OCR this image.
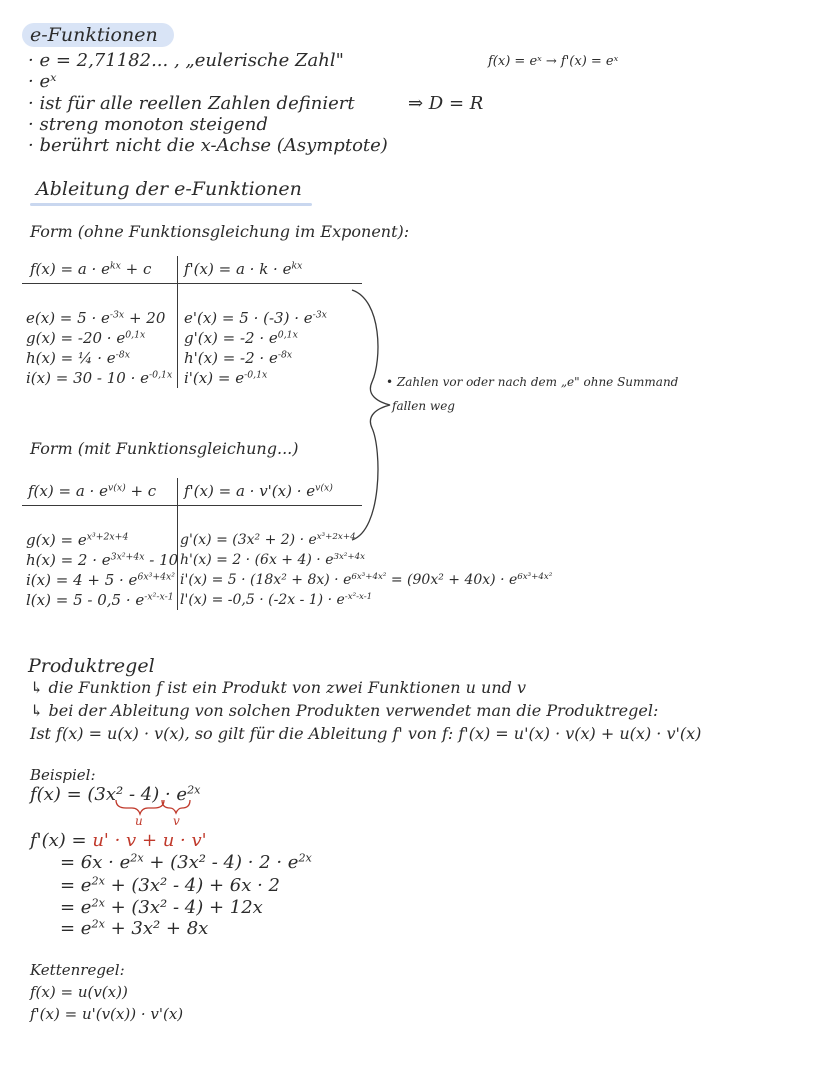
e-Funktionen
· e = 2,71182... , „eulerische Zahl"
· eˣ
· ist für alle reellen Zahlen definiert	⇒ D = R
· streng monoton steigend
· berührt nicht die x-Achse (Asymptote)
f(x) = eˣ → f'(x) = eˣ
Ableitung der e-Funktionen
Form (ohne Funktionsgleichung im Exponent):
$f(x) = a \cdot e^{kx} + c$ $f'(x) = a \cdot k \cdot e^{kx}$
$e(x) = 5 \cdot e^{-3x} + 20$
$g(x) = -20 \cdot e^{0,1x}$
h(x) = ¼ · $e^{-8x}$
$i(x) = 30 - 10 \cdot e^{-0,1x}$
$e'(x) = 5 \cdot (-3) \cdot e^{-3x}$
$g'(x) = -2 \cdot e^{0,1x}$
$h'(x) = -2 \cdot e^{-8x}$
$i'(x) = e^{-0,1x}$
• Zahlen vor oder nach dem „e" ohne Summand
fallen weg
Form (mit Funktionsgleichung...)
$f(x) = a \cdot e^{v(x)} + c$ $f'(x) = a \cdot v'(x) \cdot e^{v(x)}$
$g(x) = e^{x^3+2x+4}$
$h(x) = 2 \cdot e^{3x^2+4x} - 10$
$i(x) = 4 + 5 \cdot e^{6x^3+4x^2}$
$l(x) = 5 - 0,5 \cdot e^{-x^2-x-1}$
$g'(x) = (3x^2 + 2) \cdot e^{x^3+2x+4}$
$h'(x) = 2 \cdot (6x + 4) \cdot e^{3x^2+4x}$
$i'(x) = 5 \cdot (18x^2 + 8x) \cdot e^{6x^3+4x^2} = (90x^2 + 40x) \cdot e^{6x^3+4x^2}$
$l'(x) = -0,5 \cdot (-2x - 1) \cdot e^{-x^2-x-1}$
Produktregel
↳ die Funktion f ist ein Produkt von zwei Funktionen u und v
↳ bei der Ableitung von solchen Produkten verwendet man die Produktregel:
Ist f(x) = u(x) · v(x), so gilt für die Ableitung f' von f: f'(x) = u'(x) · v(x) + u(x) · v'(x)
Beispiel:
$f(x) = (3x^2 - 4) \cdot e^{2x}$
u	v
f'(x) = u' · v + u · v'
= $6x \cdot e^{2x} + (3x^2 - 4) \cdot 2 \cdot e^{2x}$
= $e^{2x} + (3x^2 - 4) + 6x \cdot 2$
= $e^{2x} + (3x^2 - 4) + 12x$
= $e^{2x} + 3x^2 + 8x$
Kettenregel:
f(x) = u(v(x))
f'(x) = u'(v(x)) · v'(x)
